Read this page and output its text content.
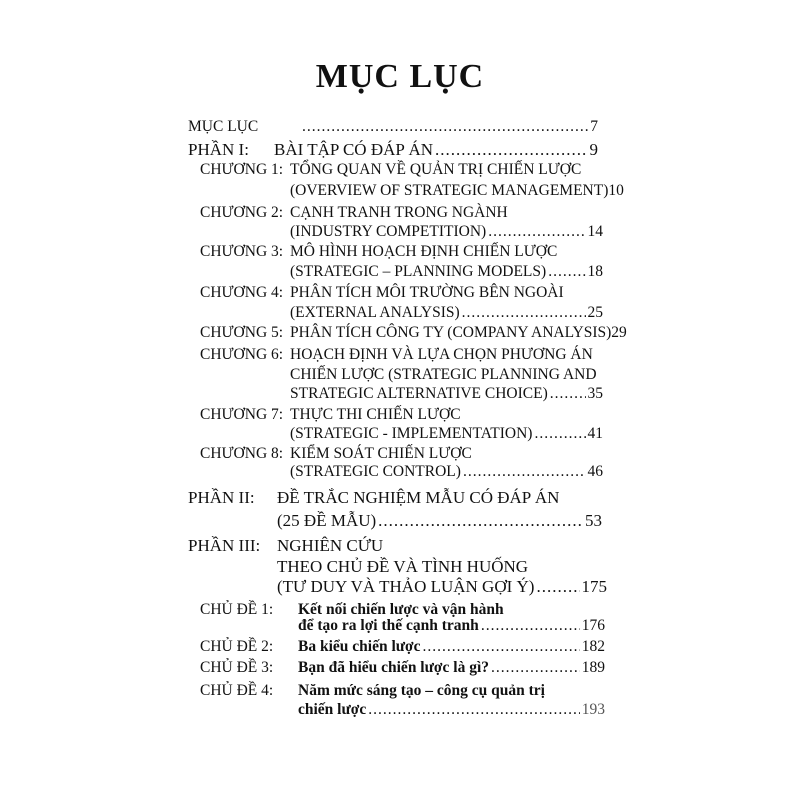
MỤC LỤC
MỤC LỤC .....	7
PHẦN I: BÀI TẬP CÓ ĐÁP ÁN .....	9
CHƯƠNG 1: TỔNG QUAN VỀ QUẢN TRỊ CHIẾN LƯỢC
(OVERVIEW OF STRATEGIC MANAGEMENT) 10
CHƯƠNG 2: CẠNH TRANH TRONG NGÀNH
(INDUSTRY COMPETITION) .....	14
CHƯƠNG 3: MÔ HÌNH HOẠCH ĐỊNH CHIẾN LƯỢC
(STRATEGIC – PLANNING MODELS) .....	18
CHƯƠNG 4: PHÂN TÍCH MÔI TRƯỜNG BÊN NGOÀI
(EXTERNAL ANALYSIS) .....	25
CHƯƠNG 5: PHÂN TÍCH CÔNG TY (COMPANY ANALYSIS) 29
CHƯƠNG 6: HOẠCH ĐỊNH VÀ LỰA CHỌN PHƯƠNG ÁN
CHIẾN LƯỢC (STRATEGIC PLANNING AND
STRATEGIC ALTERNATIVE CHOICE) .....	35
CHƯƠNG 7: THỰC THI CHIẾN LƯỢC
(STRATEGIC - IMPLEMENTATION) .....	41
CHƯƠNG 8: KIỂM SOÁT CHIẾN LƯỢC
(STRATEGIC CONTROL) .....	46
PHẦN II: ĐỀ TRẮC NGHIỆM MẪU CÓ ĐÁP ÁN
(25 ĐỀ MẪU) .....	53
PHẦN III: NGHIÊN CỨU
THEO CHỦ ĐỀ VÀ TÌNH HUỐNG
(TƯ DUY VÀ THẢO LUẬN GỢI Ý) .....	175
CHỦ ĐỀ 1: Kết nối chiến lược và vận hành
để tạo ra lợi thế cạnh tranh .....	176
CHỦ ĐỀ 2: Ba kiểu chiến lược .....	182
CHỦ ĐỀ 3: Bạn đã hiểu chiến lược là gì? .....	189
CHỦ ĐỀ 4: Năm mức sáng tạo – công cụ quản trị
chiến lược .....	193
